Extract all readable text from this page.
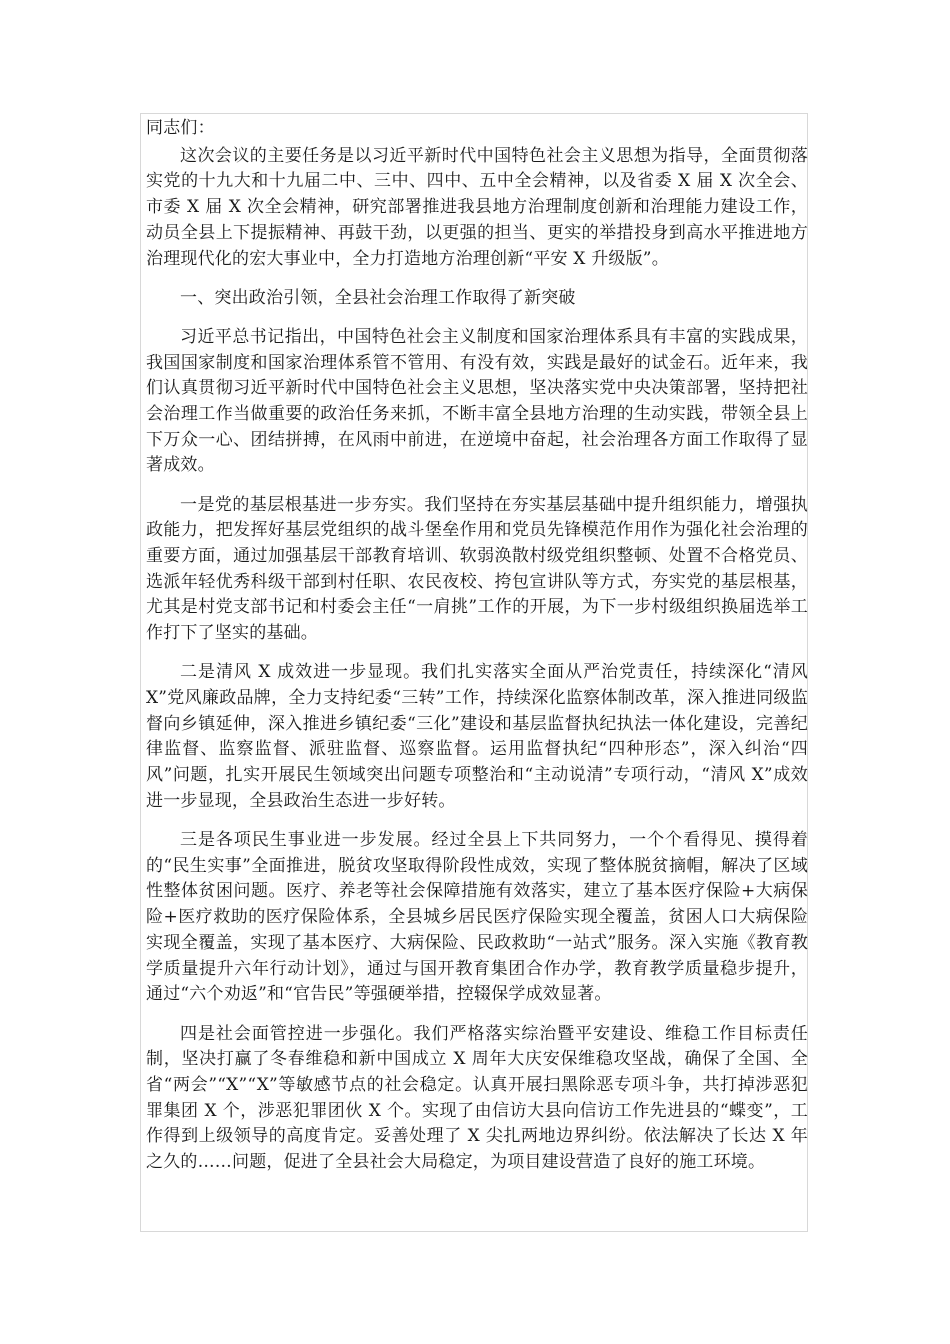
同志们：

这次会议的主要任务是以习近平新时代中国特色社会主义思想为指导，全面贯彻落实党的十九大和十九届二中、三中、四中、五中全会精神，以及省委 X 届 X 次全会、市委 X 届 X 次全会精神，研究部署推进我县地方治理制度创新和治理能力建设工作，动员全县上下提振精神、再鼓干劲，以更强的担当、更实的举措投身到高水平推进地方治理现代化的宏大事业中，全力打造地方治理创新“平安 X 升级版”。

一、突出政治引领，全县社会治理工作取得了新突破

习近平总书记指出，中国特色社会主义制度和国家治理体系具有丰富的实践成果，我国国家制度和国家治理体系管不管用、有没有效，实践是最好的试金石。近年来，我们认真贯彻习近平新时代中国特色社会主义思想，坚决落实党中央决策部署，坚持把社会治理工作当做重要的政治任务来抓，不断丰富全县地方治理的生动实践，带领全县上下万众一心、团结拼搏，在风雨中前进，在逆境中奋起，社会治理各方面工作取得了显著成效。

一是党的基层根基进一步夯实。我们坚持在夯实基层基础中提升组织能力，增强执政能力，把发挥好基层党组织的战斗堡垒作用和党员先锋模范作用作为强化社会治理的重要方面，通过加强基层干部教育培训、软弱涣散村级党组织整顿、处置不合格党员、选派年轻优秀科级干部到村任职、农民夜校、挎包宣讲队等方式，夯实党的基层根基，尤其是村党支部书记和村委会主任“一肩挑”工作的开展，为下一步村级组织换届选举工作打下了坚实的基础。

二是清风 X 成效进一步显现。我们扎实落实全面从严治党责任，持续深化“清风 X”党风廉政品牌，全力支持纪委“三转”工作，持续深化监察体制改革，深入推进同级监督向乡镇延伸，深入推进乡镇纪委“三化”建设和基层监督执纪执法一体化建设，完善纪律监督、监察监督、派驻监督、巡察监督。运用监督执纪“四种形态”，深入纠治“四风”问题，扎实开展民生领域突出问题专项整治和“主动说清”专项行动，“清风 X”成效进一步显现，全县政治生态进一步好转。

三是各项民生事业进一步发展。经过全县上下共同努力，一个个看得见、摸得着的“民生实事”全面推进，脱贫攻坚取得阶段性成效，实现了整体脱贫摘帽，解决了区域性整体贫困问题。医疗、养老等社会保障措施有效落实，建立了基本医疗保险+大病保险+医疗救助的医疗保险体系，全县城乡居民医疗保险实现全覆盖，贫困人口大病保险实现全覆盖，实现了基本医疗、大病保险、民政救助“一站式”服务。深入实施《教育教学质量提升六年行动计划》，通过与国开教育集团合作办学，教育教学质量稳步提升，通过“六个劝返”和“官告民”等强硬举措，控辍保学成效显著。

四是社会面管控进一步强化。我们严格落实综治暨平安建设、维稳工作目标责任制，坚决打赢了冬春维稳和新中国成立 X 周年大庆安保维稳攻坚战，确保了全国、全省“两会”“X”“X”等敏感节点的社会稳定。认真开展扫黑除恶专项斗争，共打掉涉恶犯罪集团 X 个，涉恶犯罪团伙 X 个。实现了由信访大县向信访工作先进县的“蝶变”，工作得到上级领导的高度肯定。妥善处理了 X 尖扎两地边界纠纷。依法解决了长达 X 年之久的……问题，促进了全县社会大局稳定，为项目建设营造了良好的施工环境。
